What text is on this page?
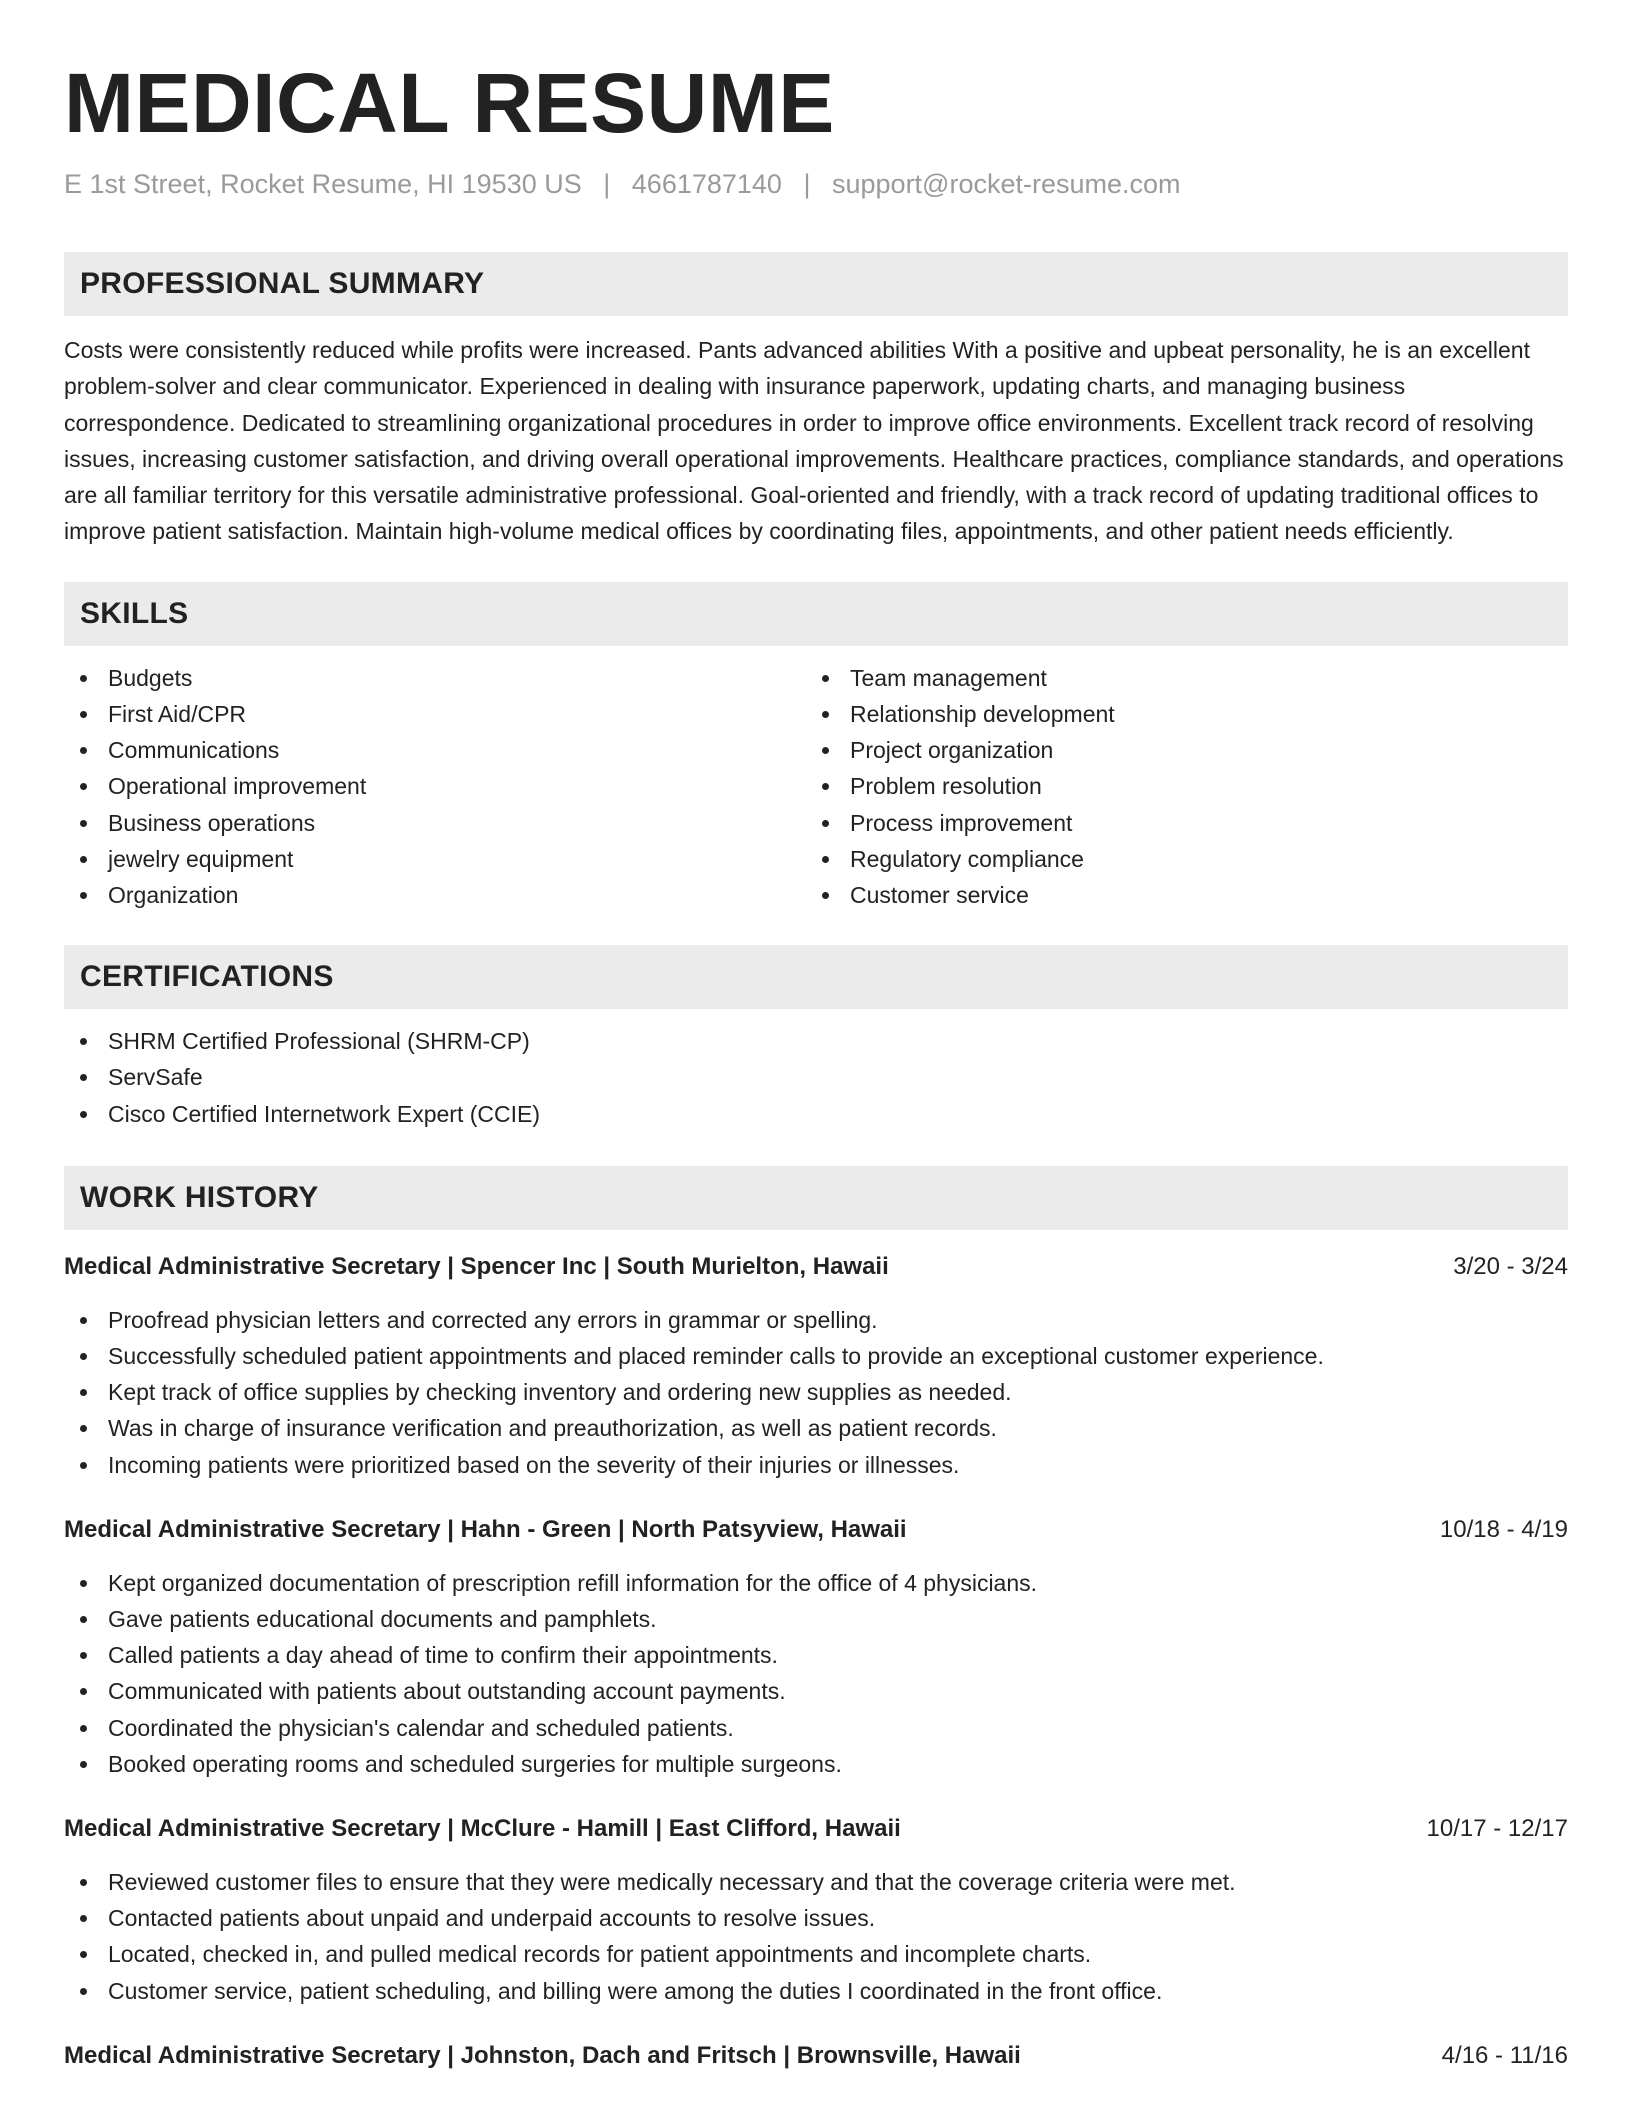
MEDICAL RESUME
E 1st Street, Rocket Resume, HI 19530 US | 4661787140 | support@rocket-resume.com
PROFESSIONAL SUMMARY

Costs were consistently reduced while profits were increased. Pants advanced abilities With a positive and upbeat personality, he is an excellent problem-solver and clear communicator. Experienced in dealing with insurance paperwork, updating charts, and managing business correspondence. Dedicated to streamlining organizational procedures in order to improve office environments. Excellent track record of resolving issues, increasing customer satisfaction, and driving overall operational improvements. Healthcare practices, compliance standards, and operations are all familiar territory for this versatile administrative professional. Goal-oriented and friendly, with a track record of updating traditional offices to improve patient satisfaction. Maintain high-volume medical offices by coordinating files, appointments, and other patient needs efficiently.

SKILLS
Budgets
First Aid/CPR
Communications
Operational improvement
Business operations
jewelry equipment
Organization
Team management
Relationship development
Project organization
Problem resolution
Process improvement
Regulatory compliance
Customer service
CERTIFICATIONS
SHRM Certified Professional (SHRM-CP)
ServSafe
Cisco Certified Internetwork Expert (CCIE)
WORK HISTORY
Medical Administrative Secretary | Spencer Inc | South Murielton, Hawaii	3/20 - 3/24
Proofread physician letters and corrected any errors in grammar or spelling.
Successfully scheduled patient appointments and placed reminder calls to provide an exceptional customer experience.
Kept track of office supplies by checking inventory and ordering new supplies as needed.
Was in charge of insurance verification and preauthorization, as well as patient records.
Incoming patients were prioritized based on the severity of their injuries or illnesses.
Medical Administrative Secretary | Hahn - Green | North Patsyview, Hawaii	10/18 - 4/19
Kept organized documentation of prescription refill information for the office of 4 physicians.
Gave patients educational documents and pamphlets.
Called patients a day ahead of time to confirm their appointments.
Communicated with patients about outstanding account payments.
Coordinated the physician's calendar and scheduled patients.
Booked operating rooms and scheduled surgeries for multiple surgeons.
Medical Administrative Secretary | McClure - Hamill | East Clifford, Hawaii	10/17 - 12/17
Reviewed customer files to ensure that they were medically necessary and that the coverage criteria were met.
Contacted patients about unpaid and underpaid accounts to resolve issues.
Located, checked in, and pulled medical records for patient appointments and incomplete charts.
Customer service, patient scheduling, and billing were among the duties I coordinated in the front office.
Medical Administrative Secretary | Johnston, Dach and Fritsch | Brownsville, Hawaii	4/16 - 11/16
